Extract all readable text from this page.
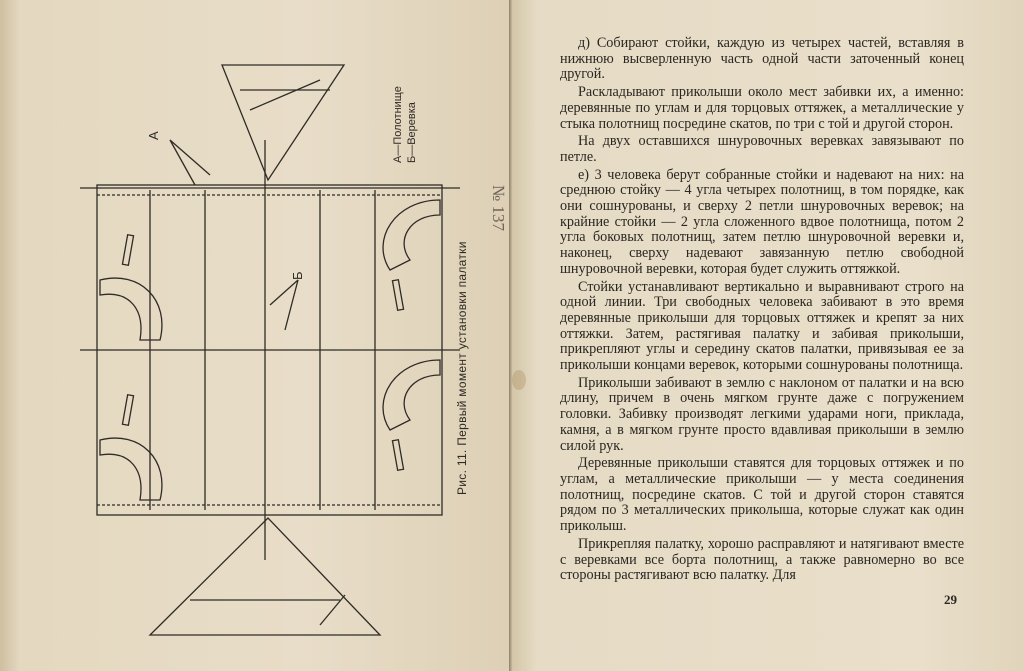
А
Б
А—Полотнище Б—Веревка
Рис. 11. Первый момент установки палатки
№ 137

д) Собирают стойки, каждую из четырех частей, вставляя в нижнюю высверленную часть одной части заточенный конец другой.

Раскладывают приколыши около мест забивки их, а именно: деревянные по углам и для торцовых оттяжек, а металлические у стыка полотнищ посредине скатов, по три с той и другой сторон.

На двух оставшихся шнуровочных веревках завязывают по петле.

е) 3 человека берут собранные стойки и надевают на них: на среднюю стойку — 4 угла четырех полотнищ, в том порядке, как они сошнурованы, и сверху 2 петли шнуровочных веревок; на крайние стойки — 2 угла сложенного вдвое полотнища, потом 2 угла боковых полотнищ, затем петлю шнуровочной веревки и, наконец, сверху надевают завязанную петлю свободной шнуровочной веревки, которая будет служить оттяжкой.

Стойки устанавливают вертикально и выравнивают строго на одной линии. Три свободных человека забивают в это время деревянные приколыши для торцовых оттяжек и крепят за них оттяжки. Затем, растягивая палатку и забивая приколыши, прикрепляют углы и середину скатов палатки, привязывая ее за приколыши концами веревок, которыми сошнурованы полотнища.

Приколыши забивают в землю с наклоном от палатки и на всю длину, причем в очень мягком грунте даже с погружением головки. Забивку производят легкими ударами ноги, приклада, камня, а в мягком грунте просто вдавливая приколыши в землю силой рук.

Деревянные приколыши ставятся для торцовых оттяжек и по углам, а металлические приколыши — у места соединения полотнищ, посредине скатов. С той и другой сторон ставятся рядом по 3 металлических приколыша, которые служат как один приколыш.

Прикрепляя палатку, хорошо расправляют и натягивают вместе с веревками все борта полотнищ, а также равномерно во все стороны растягивают всю палатку. Для

29
